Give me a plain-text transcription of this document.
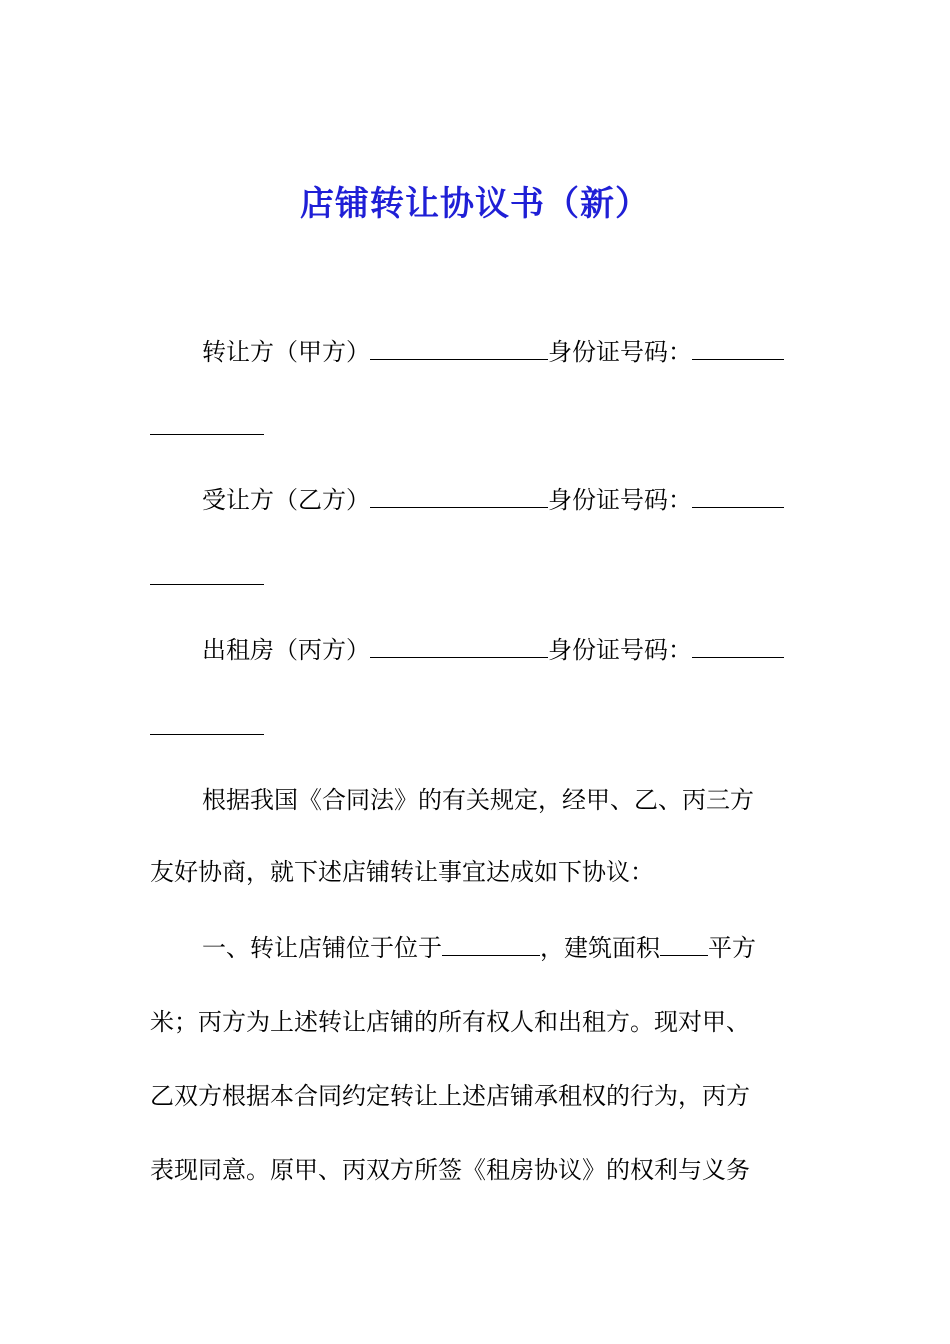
店铺转让协议书（新）
转让方（甲方）	身份证号码：
受让方（乙方）	身份证号码：
出租房（丙方）	身份证号码：
根据我国《合同法》的有关规定，经甲、乙、丙三方
友好协商，就下述店铺转让事宜达成如下协议：
一、转让店铺位于位于	，建筑面积 平方
米；丙方为上述转让店铺的所有权人和出租方。现对甲、
乙双方根据本合同约定转让上述店铺承租权的行为，丙方
表现同意。原甲、丙双方所签《租房协议》的权利与义务
